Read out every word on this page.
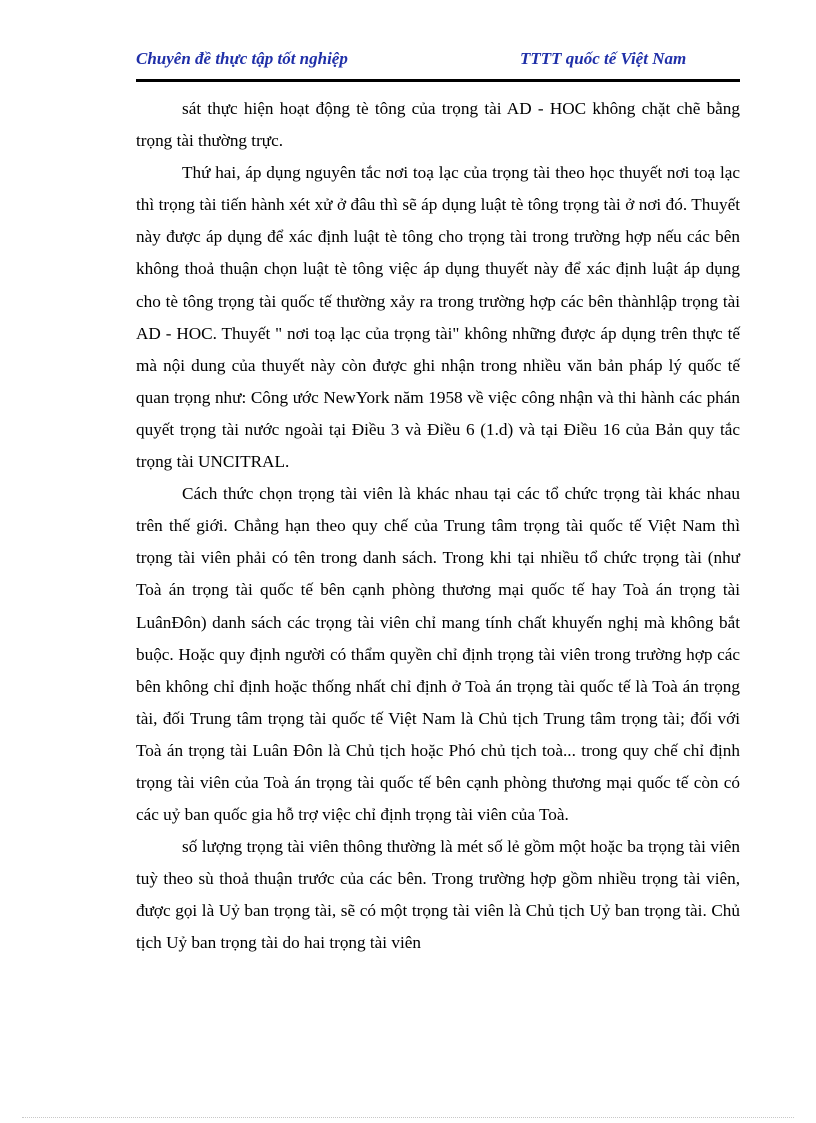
Chuyên đề thực tập tốt nghiệp	TTTT quốc tế Việt Nam

sát thực hiện hoạt động tè tông của trọng tài AD - HOC không chặt chẽ bằng trọng tài thường trực.

Thứ hai, áp dụng nguyên tắc nơi toạ lạc của trọng tài theo học thuyết nơi toạ lạc thì trọng tài tiến hành xét xử ở đâu thì sẽ áp dụng luật tè tông trọng tài ở nơi đó. Thuyết này được áp dụng để xác định luật tè tông cho trọng tài trong trường hợp nếu các bên không thoả thuận chọn luật tè tông việc áp dụng thuyết này để xác định luật áp dụng cho tè tông trọng tài quốc tế thường xảy ra trong trường hợp các bên thànhlập trọng tài AD - HOC. Thuyết " nơi toạ lạc của trọng tài" không những được áp dụng trên thực tế mà nội dung của thuyết này còn được ghi nhận trong nhiều văn bản pháp lý quốc tế quan trọng như: Công ước NewYork năm 1958 về việc công nhận và thi hành các phán quyết trọng tài nước ngoài tại Điều 3 và Điều 6 (1.d) và tại Điều 16 của Bản quy tắc trọng tài UNCITRAL.

Cách thức chọn trọng tài viên là khác nhau tại các tổ chức trọng tài khác nhau trên thế giới. Chẳng hạn theo quy chế của Trung tâm trọng tài quốc tế Việt Nam thì trọng tài viên phải có tên trong danh sách. Trong khi tại nhiều tổ chức trọng tài (như Toà án trọng tài quốc tế bên cạnh phòng thương mại quốc tế hay Toà án trọng tài LuânĐôn) danh sách các trọng tài viên chỉ mang tính chất khuyến nghị mà không bắt buộc. Hoặc quy định người có thẩm quyền chỉ định trọng tài viên trong trường hợp các bên không chỉ định hoặc thống nhất chỉ định ở Toà án trọng tài quốc tế là Toà án trọng tài, đối Trung tâm trọng tài quốc tế Việt Nam là Chủ tịch Trung tâm trọng tài; đối với Toà án trọng tài Luân Đôn là Chủ tịch hoặc Phó chủ tịch toà... trong quy chế chỉ định trọng tài viên của Toà án trọng tài quốc tế bên cạnh phòng thương mại quốc tế còn có các uỷ ban quốc gia hỗ trợ việc chỉ định trọng tài viên của Toà.

số lượng trọng tài viên thông thường là mét số lẻ gồm một hoặc ba trọng tài viên tuỳ theo sù thoả thuận trước của các bên. Trong trường hợp gồm nhiều trọng tài viên, được gọi là Uỷ ban trọng tài, sẽ có một trọng tài viên là Chủ tịch Uỷ ban trọng tài. Chủ tịch Uỷ ban trọng tài do hai trọng tài viên
